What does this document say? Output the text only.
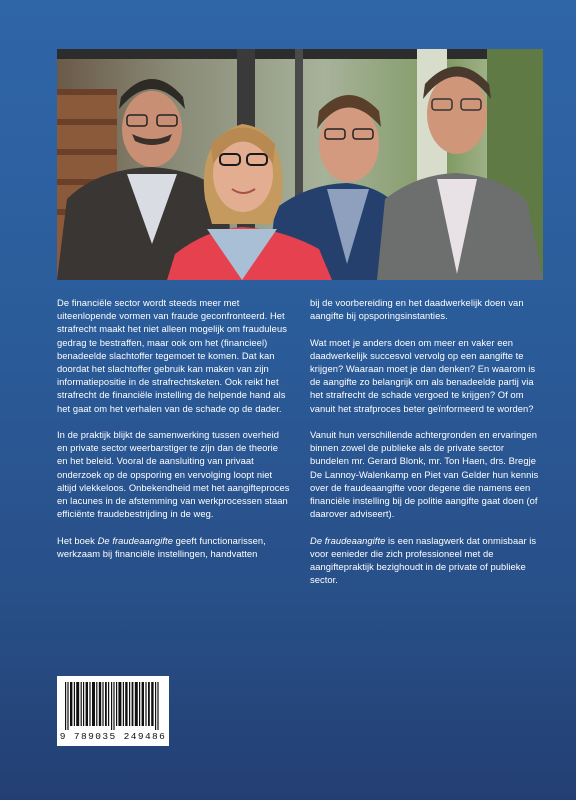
De financiële sector wordt steeds meer met uiteenlopende vormen van fraude geconfronteerd. Het strafrecht maakt het niet alleen mogelijk om frauduleus gedrag te bestraffen, maar ook om het (financieel) benadeelde slachtoffer tegemoet te komen. Dat kan doordat het slachtoffer gebruik kan maken van zijn informatiepositie in de strafrechtsketen. Ook reikt het strafrecht de financiële instelling de helpende hand als het gaat om het verhalen van de schade op de dader.

In de praktijk blijkt de samenwerking tussen overheid en private sector weerbarstiger te zijn dan de theorie en het beleid. Vooral de aansluiting van privaat onderzoek op de opsporing en vervolging loopt niet altijd vlekkeloos. Onbekendheid met het aangifteproces en lacunes in de afstemming van werkprocessen staan efficiënte fraudebestrijding in de weg.

Het boek De fraudeaangifte geeft functionarissen, werkzaam bij financiële instellingen, handvatten

bij de voorbereiding en het daadwerkelijk doen van aangifte bij opsporingsinstanties.

Wat moet je anders doen om meer en vaker een daadwerkelijk succesvol vervolg op een aangifte te krijgen? Waaraan moet je dan denken? En waarom is de aangifte zo belangrijk om als benadeelde partij via het strafrecht de schade vergoed te krijgen? Of om vanuit het strafproces beter geïnformeerd te worden?

Vanuit hun verschillende achtergronden en ervaringen binnen zowel de publieke als de private sector bundelen mr. Gerard Blonk, mr. Ton Haen, drs. Bregje De Lannoy-Walenkamp en Piet van Gelder hun kennis over de fraudeaangifte voor degene die namens een financiële instelling bij de politie aangifte gaat doen (of daarover adviseert).

De fraudeaangifte is een naslagwerk dat onmisbaar is voor eenieder die zich professioneel met de aangiftepraktijk bezighoudt in de private of publieke sector.

9 789035 249486
